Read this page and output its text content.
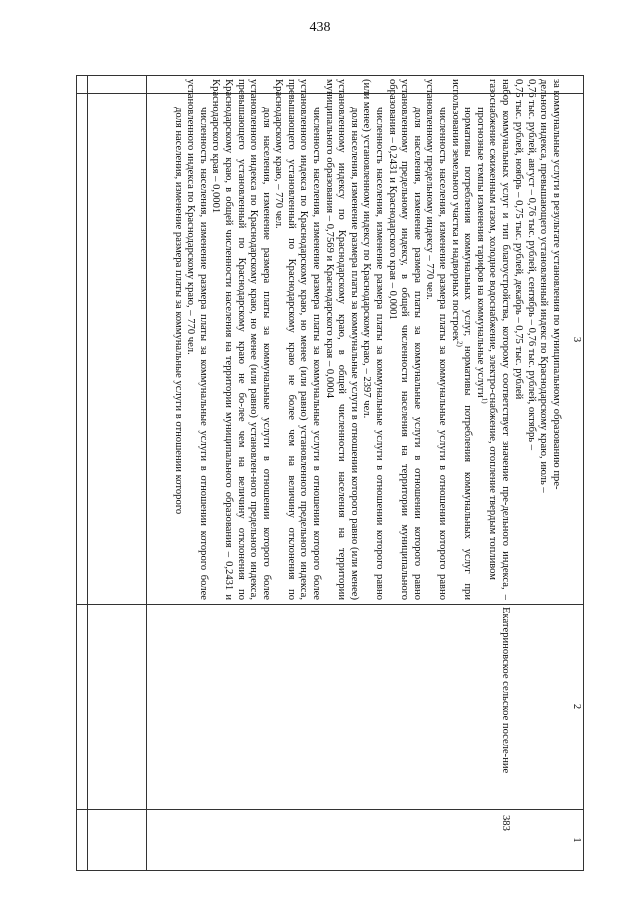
438
1
2
3

за коммунальные услуги в результате установления по муниципальному образованию пре-

дельного индекса, превышающего установленный индекс по Краснодарскому краю, июль –

0,76 тыс. рублей, август – 0,76 тыс. рублей, сентябрь – 0,76 тыс. рублей, октябрь –

0,75 тыс. рублей, ноябрь – 0,75 тыс. рублей, декабрь – 0,75 тыс. рублей

383
Екатериновское сельское поселе-ние

набор коммунальных услуг и тип благоустройства, которому соответствует значение пре-дельного индекса, – газоснабжение сжиженным газом, холодное водоснабжение, электро-снабжение, отопление твердым топливом

прогнозные темпы изменения тарифов на коммунальные услуги$^{1)}$

нормативы потребления коммунальных услуг, нормативы потребления коммунальных услуг при использовании земельного участка и надворных построек$^{2)}$

численность населения, изменение размера платы за коммунальные услуги в отношении которого равно установленному предельному индексу – 770 чел.

доля населения, изменение размера платы за коммунальные услуги в отношении которого равно установленному предельному индексу, в общей численности населения на территории муниципального образования – 0,2431 и Краснодарского края – 0,0001

численность населения, изменение размера платы за коммунальные услуги в отношении которого равно (или менее) установленному индексу по Краснодарскому краю, – 2397 чел.

доля населения, изменение размера платы за коммунальные услуги в отношении которого равно (или менее) установленному индексу по Краснодарскому краю, в общей численности населения на территории муниципального образования – 0,7569 и Краснодарского края – 0,0004

численность населения, изменение размера платы за коммунальные услуги в отношении которого более установленного индекса по Краснодарскому краю, но менее (или равно) установленного предельного индекса, превышающего установленный по Краснодарскому краю не более чем на величину отклонения по Краснодарскому краю, – 770 чел.

доля населения, изменение размера платы за коммунальные услуги в отношении которого более установленного индекса по Краснодарскому краю, но менее (или равно) установлен-ного предельного индекса, превышающего установленный по Краснодарскому краю не бо-лее чем на величину отклонения по Краснодарскому краю, в общей численности населения на территории муниципального образования – 0,2431 и Краснодарского края – 0,0001

численность населения, изменение размера платы за коммунальные услуги в отношении которого более установленного индекса по Краснодарскому краю, – 770 чел.

доля населения, изменение размера платы за коммунальные услуги в отношении которого
